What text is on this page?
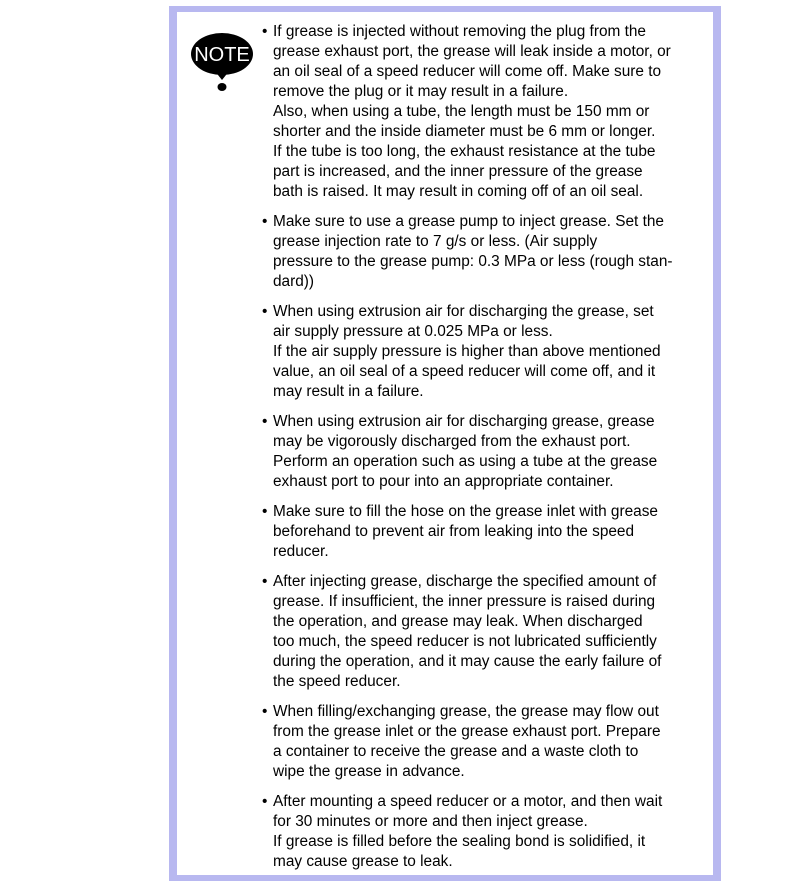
NOTE
• If grease is injected without removing the plug from the
grease exhaust port, the grease will leak inside a motor, or
an oil seal of a speed reducer will come off. Make sure to
remove the plug or it may result in a failure.
Also, when using a tube, the length must be 150 mm or
shorter and the inside diameter must be 6 mm or longer.
If the tube is too long, the exhaust resistance at the tube
part is increased, and the inner pressure of the grease
bath is raised. It may result in coming off of an oil seal.
• Make sure to use a grease pump to inject grease. Set the
grease injection rate to 7 g/s or less. (Air supply
pressure to the grease pump: 0.3 MPa or less (rough stan-
dard))
• When using extrusion air for discharging the grease, set
air supply pressure at 0.025 MPa or less.
If the air supply pressure is higher than above mentioned
value, an oil seal of a speed reducer will come off, and it
may result in a failure.
• When using extrusion air for discharging grease, grease
may be vigorously discharged from the exhaust port.
Perform an operation such as using a tube at the grease
exhaust port to pour into an appropriate container.
• Make sure to fill the hose on the grease inlet with grease
beforehand to prevent air from leaking into the speed
reducer.
• After injecting grease, discharge the specified amount of
grease. If insufficient, the inner pressure is raised during
the operation, and grease may leak. When discharged
too much, the speed reducer is not lubricated sufficiently
during the operation, and it may cause the early failure of
the speed reducer.
• When filling/exchanging grease, the grease may flow out
from the grease inlet or the grease exhaust port. Prepare
a container to receive the grease and a waste cloth to
wipe the grease in advance.
• After mounting a speed reducer or a motor, and then wait
for 30 minutes or more and then inject grease.
If grease is filled before the sealing bond is solidified, it
may cause grease to leak.
